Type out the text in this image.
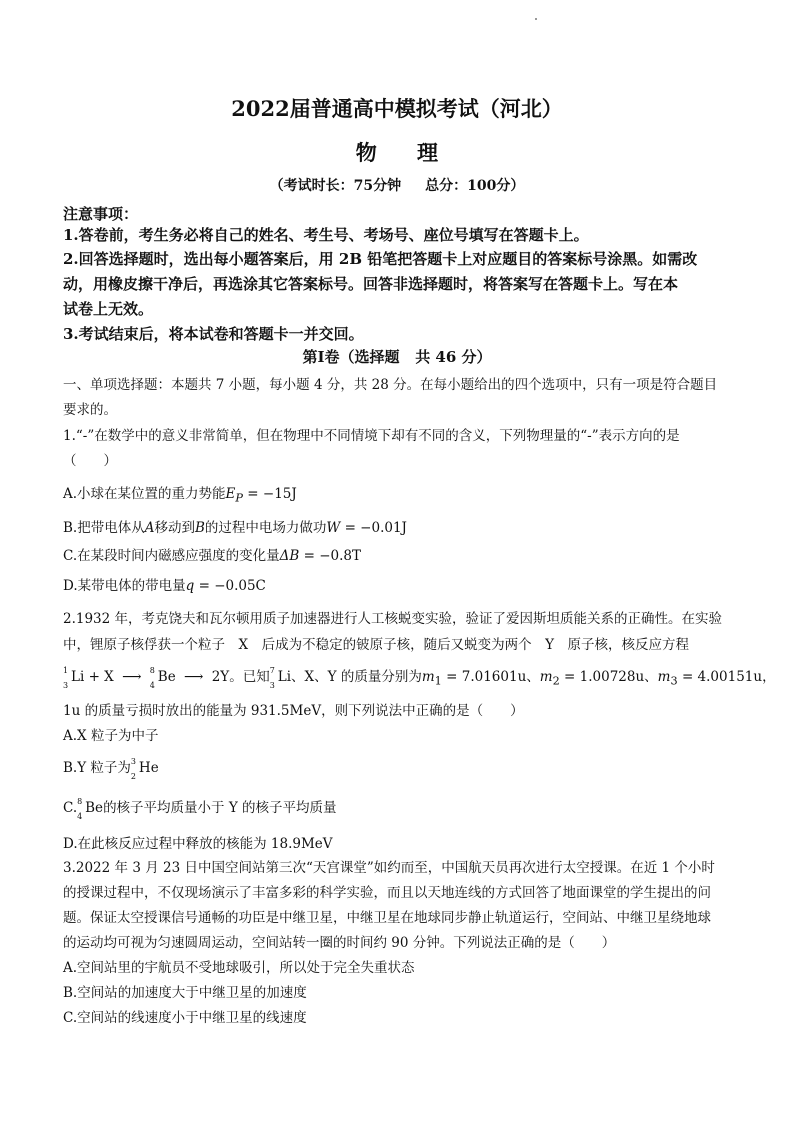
2022届普通高中模拟考试（河北）
物 理
（考试时长：75分钟 总分：100分）
注意事项：
1.答卷前，考生务必将自己的姓名、考生号、考场号、座位号填写在答题卡上。
2.回答选择题时，选出每小题答案后，用 2B 铅笔把答题卡上对应题目的答案标号涂黑。如需改
动，用橡皮擦干净后，再选涂其它答案标号。回答非选择题时，将答案写在答题卡上。写在本
试卷上无效。
3.考试结束后，将本试卷和答题卡一并交回。
第Ⅰ卷（选择题 共 46 分）
一、单项选择题：本题共 7 小题，每小题 4 分，共 28 分。在每小题给出的四个选项中，只有一项是符合题目
要求的。
1.“-”在数学中的意义非常简单，但在物理中不同情境下却有不同的含义，下列物理量的“-”表示方向的是
（　　）
A.小球在某位置的重力势能$E_P = -15J$
B.把带电体从A移动到B的过程中电场力做功W = −0.01J
C.在某段时间内磁感应强度的变化量ΔB = −0.8T
D.某带电体的带电量q = −0.05C
2.1932 年，考克饶夫和瓦尔顿用质子加速器进行人工核蜕变实验，验证了爱因斯坦质能关系的正确性。在实验
中，锂原子核俘获一个粒子　X　后成为不稳定的铍原子核，随后又蜕变为两个　Y　原子核，核反应方程
1
3 Li + X ⟶ 8
4 Be ⟶ 2Y。已知 7
3 Li、X、Y 的质量分别为$m_1 = 7.01601u$、$m_2 = 1.00728u$、$m_3 = 4.00151u$，
1u 的质量亏损时放出的能量为 931.5MeV，则下列说法中正确的是（　　）
A.X 粒子为中子
B.Y 粒子为 3
2 He
C. 8
4 Be的核子平均质量小于 Y 的核子平均质量
D.在此核反应过程中释放的核能为 18.9MeV
3.2022 年 3 月 23 日中国空间站第三次“天宫课堂”如约而至，中国航天员再次进行太空授课。在近 1 个小时
的授课过程中，不仅现场演示了丰富多彩的科学实验，而且以天地连线的方式回答了地面课堂的学生提出的问
题。保证太空授课信号通畅的功臣是中继卫星，中继卫星在地球同步静止轨道运行，空间站、中继卫星绕地球
的运动均可视为匀速圆周运动，空间站转一圈的时间约 90 分钟。下列说法正确的是（　　）
A.空间站里的宇航员不受地球吸引，所以处于完全失重状态
B.空间站的加速度大于中继卫星的加速度
C.空间站的线速度小于中继卫星的线速度
